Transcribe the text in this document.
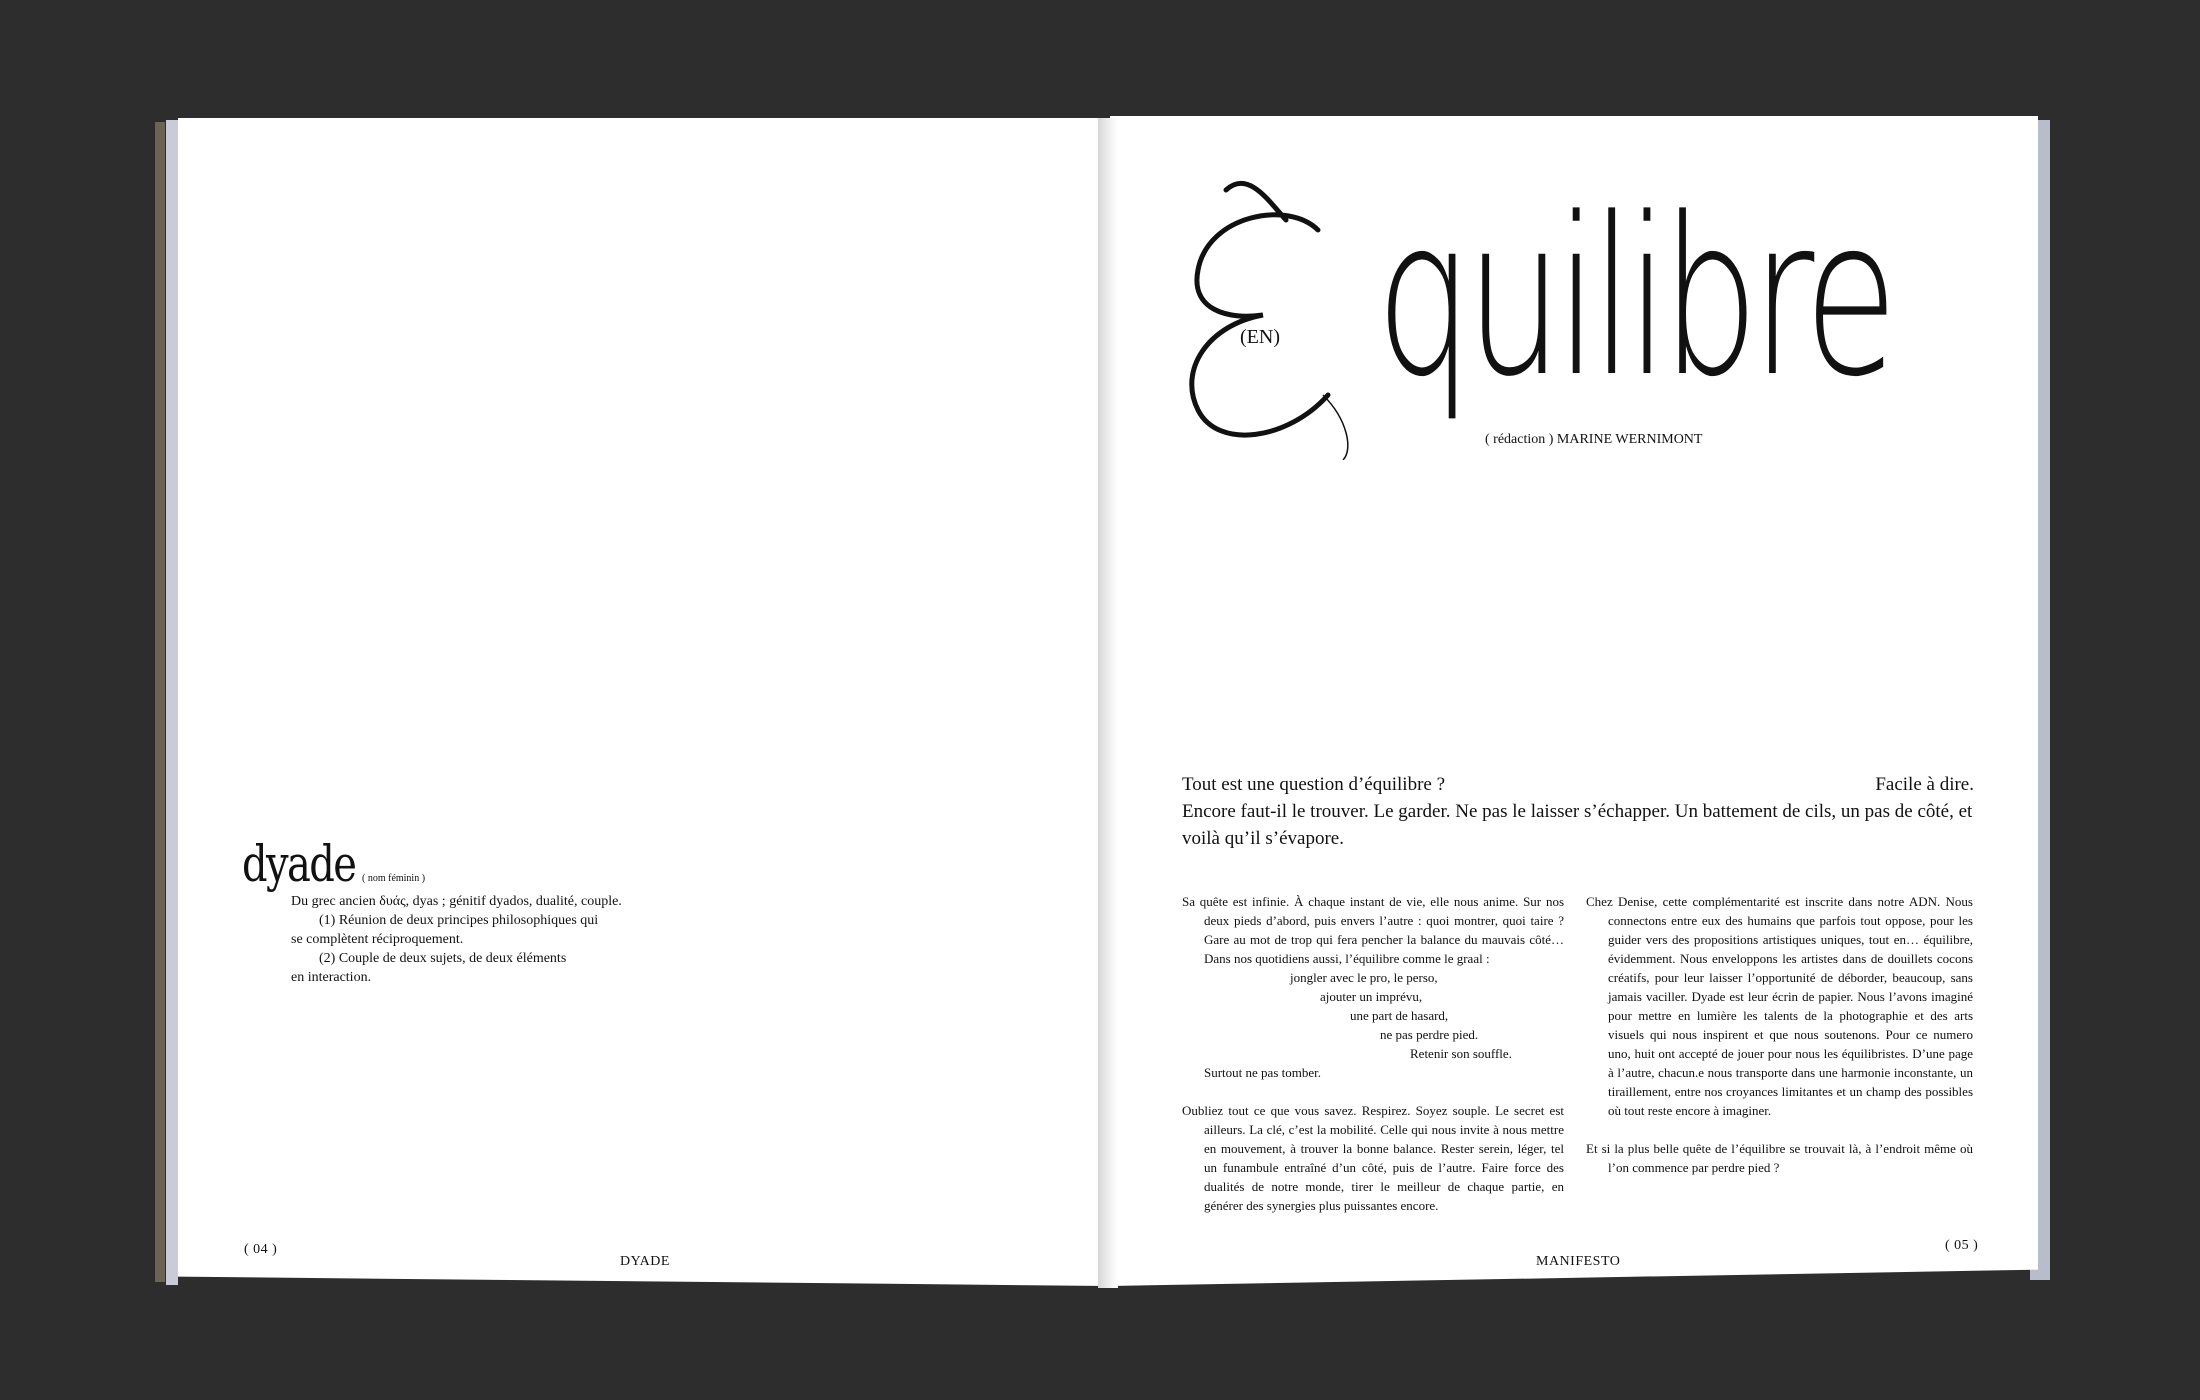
dyade ( nom féminin )

Du grec ancien δυάς, dyas ; génitif dyados, dualité, couple.

(1) Réunion de deux principes philosophiques qui

se complètent réciproquement.

(2) Couple de deux sujets, de deux éléments

en interaction.

( 04 )
DYADE
(EN) quilibre
( rédaction ) MARINE WERNIMONT

Tout est une question d’équilibre ?	Facile à dire.

Encore faut-il le trouver. Le garder. Ne pas le laisser s’échapper. Un battement de cils, un pas de côté, et voilà qu’il s’évapore.

Sa quête est infinie. À chaque instant de vie, elle nous anime. Sur nos deux pieds d’abord, puis envers l’autre : quoi montrer, quoi taire ? Gare au mot de trop qui fera pencher la balance du mauvais côté… Dans nos quotidiens aussi, l’équilibre comme le graal :

jongler avec le pro, le perso,

ajouter un imprévu,

une part de hasard,

ne pas perdre pied.

Retenir son souffle.

Surtout ne pas tomber.

Oubliez tout ce que vous savez. Respirez. Soyez souple. Le secret est ailleurs. La clé, c’est la mobilité. Celle qui nous invite à nous mettre en mouvement, à trouver la bonne balance. Rester serein, léger, tel un funambule entraîné d’un côté, puis de l’autre. Faire force des dualités de notre monde, tirer le meilleur de chaque partie, en générer des synergies plus puissantes encore.

Chez Denise, cette complémentarité est inscrite dans notre ADN. Nous connectons entre eux des humains que parfois tout oppose, pour les guider vers des propositions artistiques uniques, tout en… équilibre, évidemment. Nous enveloppons les artistes dans de douillets cocons créatifs, pour leur laisser l’opportunité de déborder, beaucoup, sans jamais vaciller. Dyade est leur écrin de papier. Nous l’avons imaginé pour mettre en lumière les talents de la photographie et des arts visuels qui nous inspirent et que nous soutenons. Pour ce numero uno, huit ont accepté de jouer pour nous les équilibristes. D’une page à l’autre, chacun.e nous transporte dans une harmonie inconstante, un tiraillement, entre nos croyances limitantes et un champ des possibles où tout reste encore à imaginer.

Et si la plus belle quête de l’équilibre se trouvait là, à l’endroit même où l’on commence par perdre pied ?

MANIFESTO
( 05 )
